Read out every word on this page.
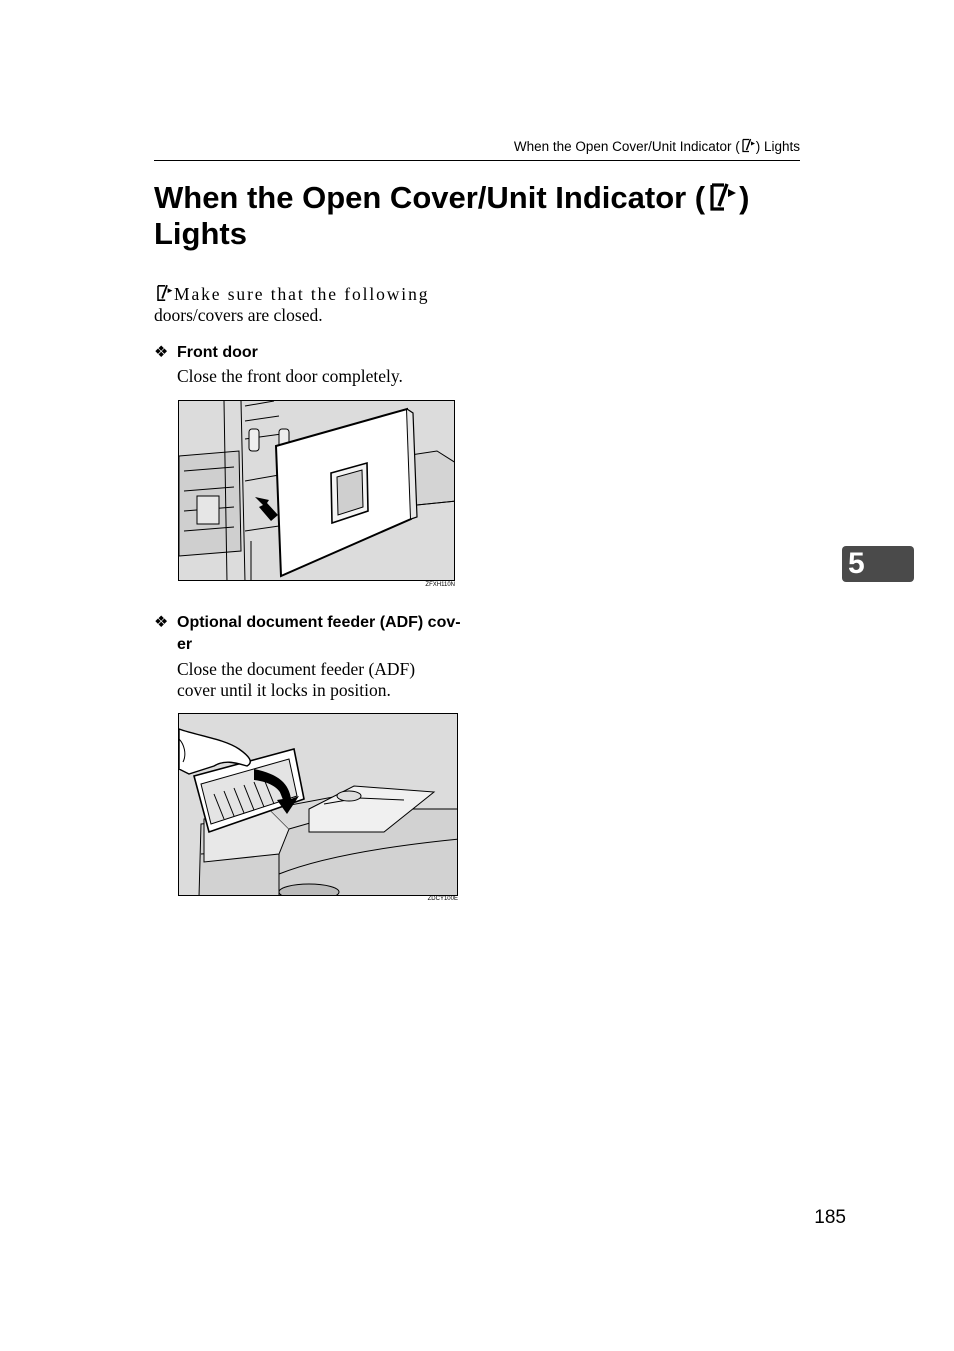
When the Open Cover/Unit Indicator ( ) Lights
When the Open Cover/Unit Indicator ( )
Lights
Make sure that the following
doors/covers are closed.
❖ Front door
Close the front door completely.
ZFXH110N
❖ Optional document feeder (ADF) cov-
er
Close the document feeder (ADF)
cover until it locks in position.
ZDCY100E
5
185
